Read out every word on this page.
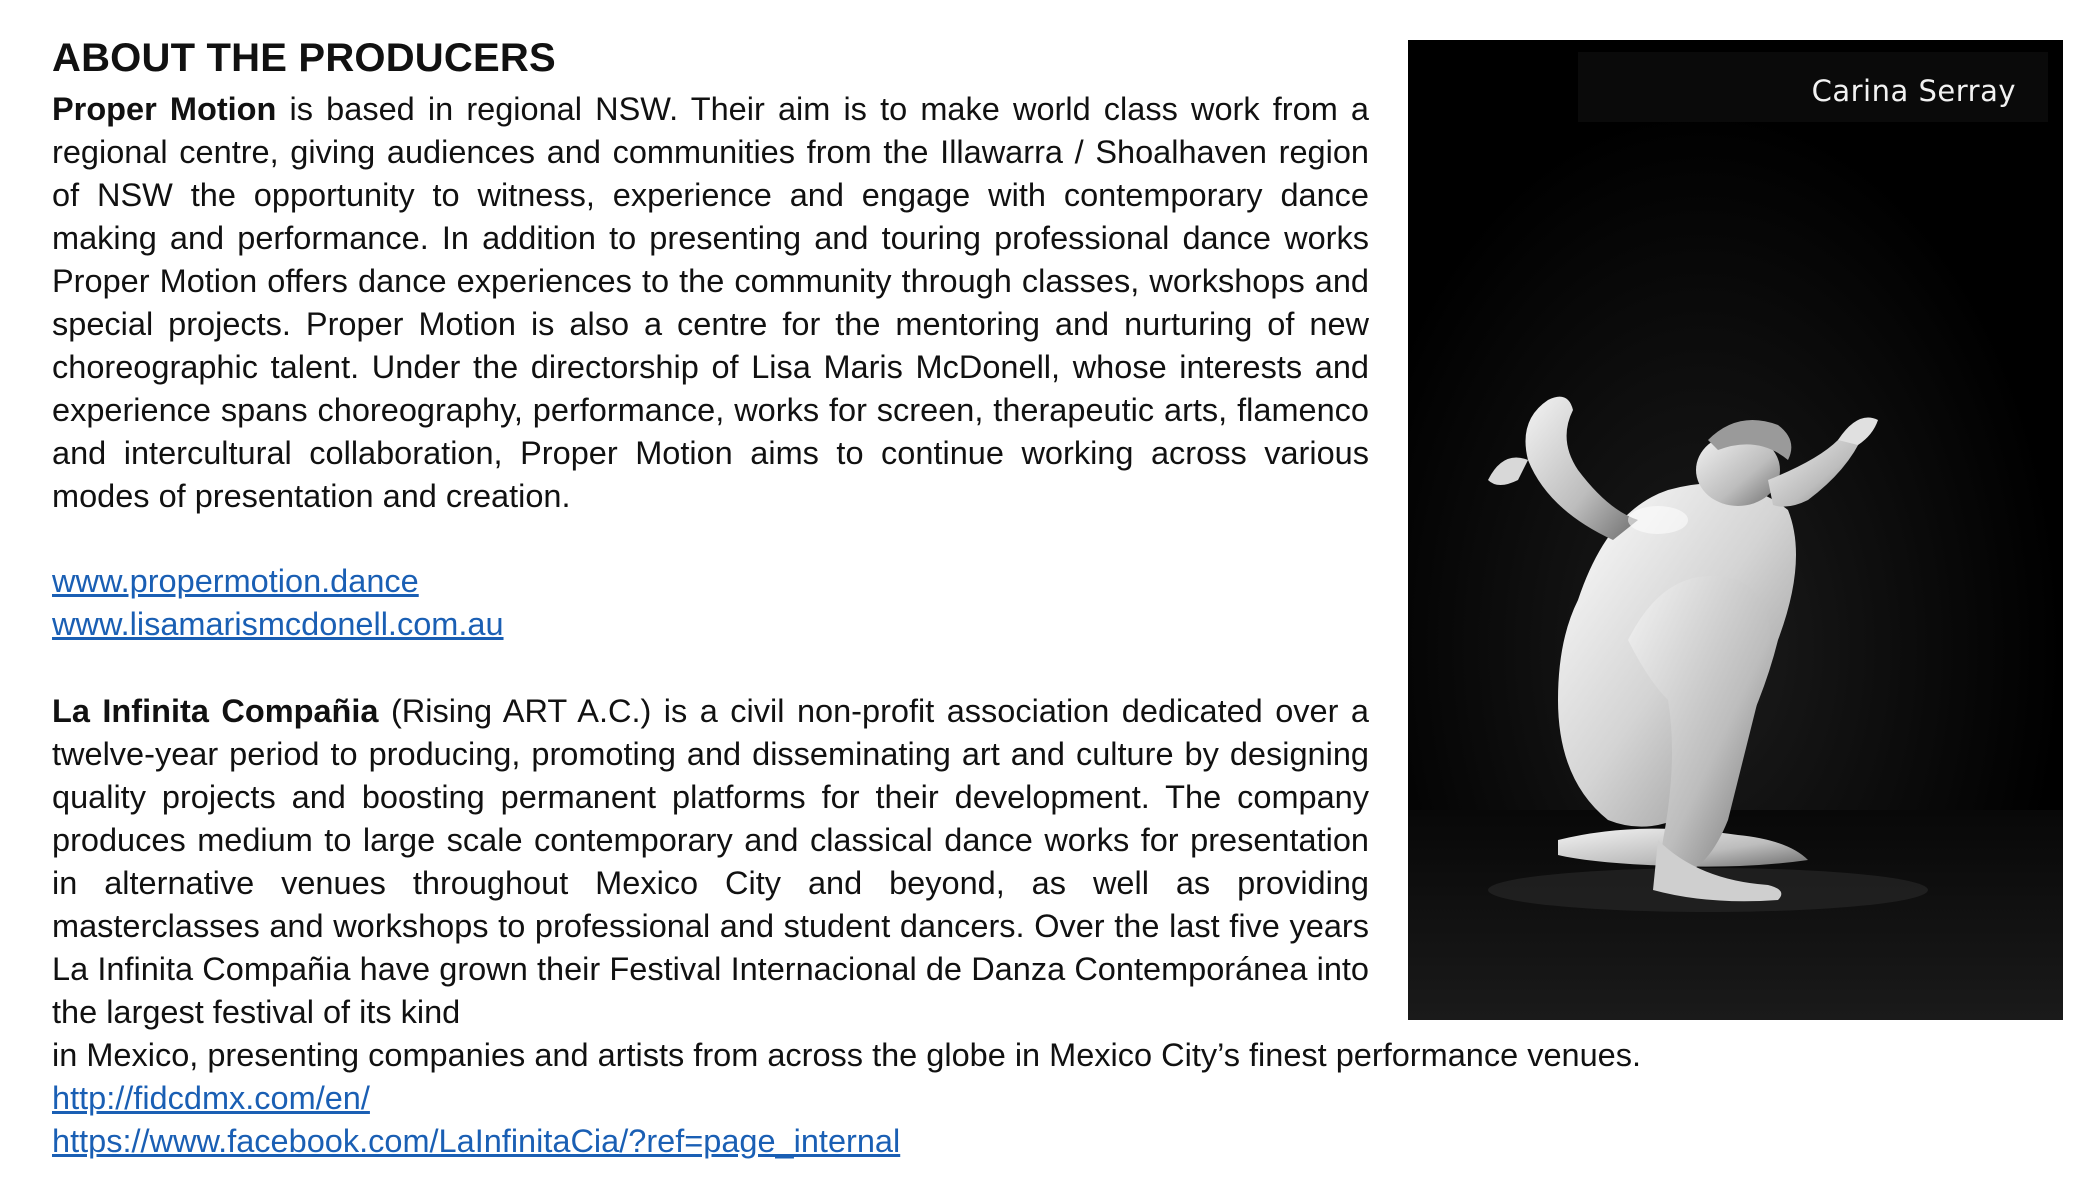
ABOUT THE PRODUCERS

Proper Motion is based in regional NSW. Their aim is to make world class work from a regional centre, giving audiences and communities from the Illawarra / Shoalhaven region of NSW the opportunity to witness, experience and engage with contemporary dance making and performance. In addition to presenting and touring professional dance works Proper Motion offers dance experiences to the community through classes, workshops and special projects. Proper Motion is also a centre for the mentoring and nurturing of new choreographic talent. Under the directorship of Lisa Maris McDonell, whose interests and experience spans choreography, performance, works for screen, therapeutic arts, flamenco and intercultural collaboration, Proper Motion aims to continue working across various modes of presentation and creation.

www.propermotion.dance
www.lisamarismcdonell.com.au

La Infinita Compañia (Rising ART A.C.) is a civil non-profit association dedicated over a twelve-year period to producing, promoting and disseminating art and culture by designing quality projects and boosting permanent platforms for their development. The company produces medium to large scale contemporary and classical dance works for presentation in alternative venues throughout Mexico City and beyond, as well as providing masterclasses and workshops to professional and student dancers. Over the last five years La Infinita Compañia have grown their Festival Internacional de Danza Contemporánea into the largest festival of its kind

in Mexico, presenting companies and artists from across the globe in Mexico City’s finest performance venues.
http://fidcdmx.com/en/
https://www.facebook.com/LaInfinitaCia/?ref=page_internal
Carina Serray
